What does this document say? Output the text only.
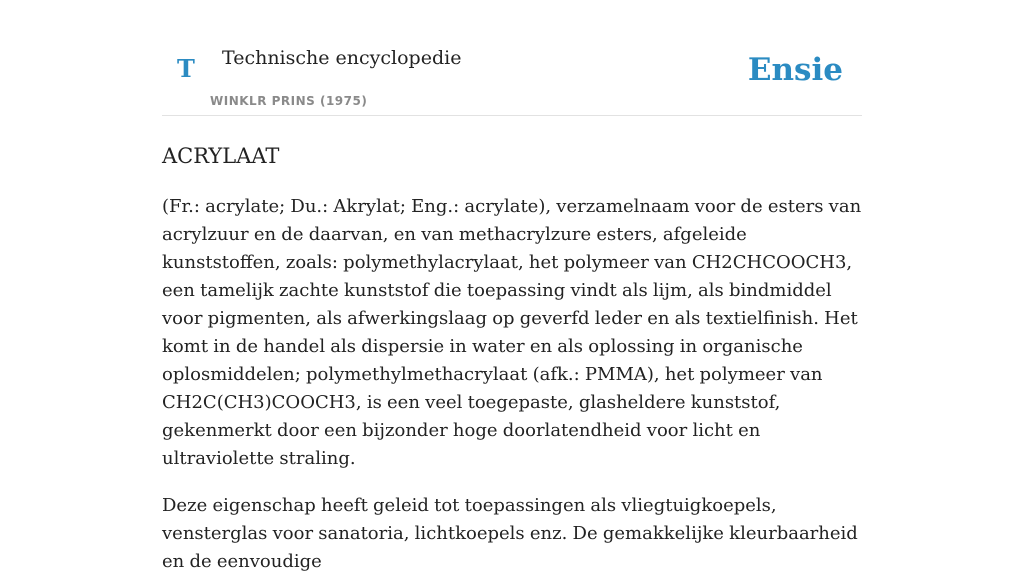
T Technische encyclopedie
WINKLR PRINS (1975)
Ensie
ACRYLAAT

(Fr.: acrylate; Du.: Akrylat; Eng.: acrylate), verzamelnaam voor de esters van acrylzuur en de daarvan, en van methacrylzure esters, afgeleide kunststoffen, zoals: polymethylacrylaat, het polymeer van CH2CHCOOCH3, een tamelijk zachte kunststof die toepassing vindt als lijm, als bindmiddel voor pigmenten, als afwerkingslaag op geverfd leder en als textielfinish. Het komt in de handel als dispersie in water en als oplossing in organische oplosmiddelen; polymethylmethacrylaat (afk.: PMMA), het polymeer van CH2C(CH3)COOCH3, is een veel toegepaste, glasheldere kunststof, gekenmerkt door een bijzonder hoge doorlatendheid voor licht en ultraviolette straling.

Deze eigenschap heeft geleid tot toepassingen als vliegtuigkoepels, vensterglas voor sanatoria, lichtkoepels enz. De gemakkelijke kleurbaarheid en de eenvoudige
